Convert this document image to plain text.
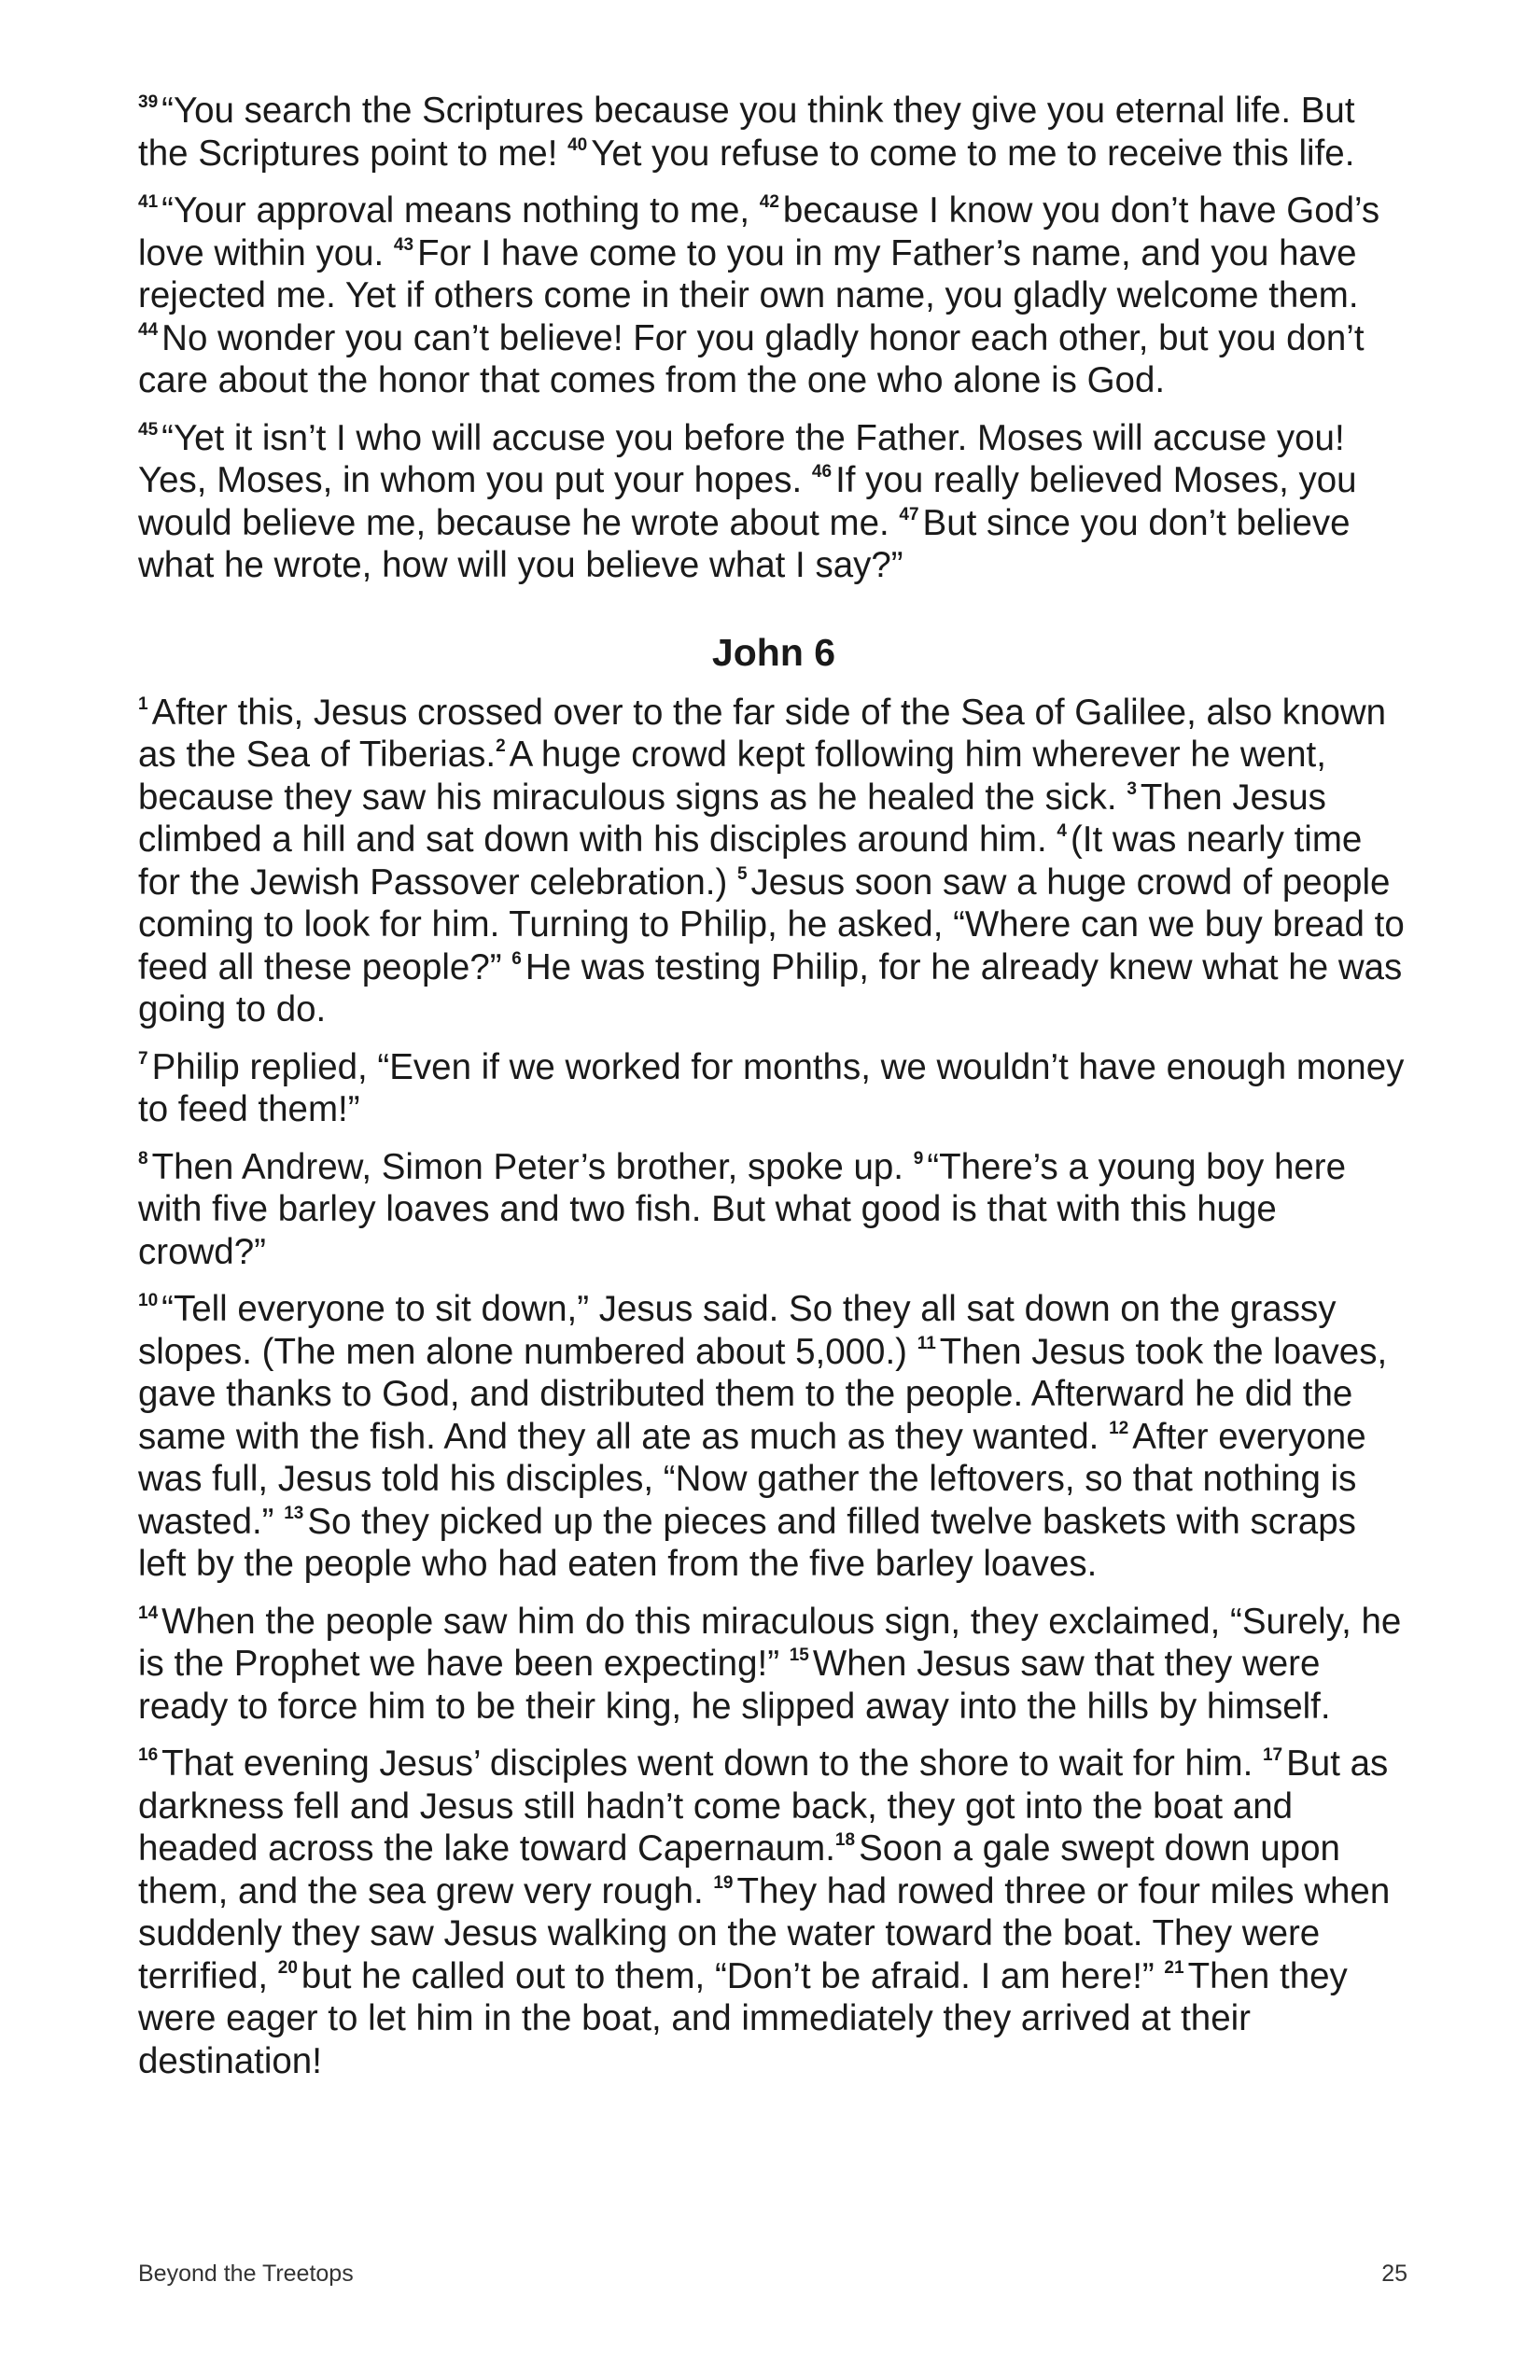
$^{39}$ “You search the Scriptures because you think they give you eternal life. But the Scriptures point to me! $^{40}$ Yet you refuse to come to me to receive this life.

$^{41}$ “Your approval means nothing to me, $^{42}$ because I know you don’t have God’s love within you. $^{43}$ For I have come to you in my Father’s name, and you have rejected me. Yet if others come in their own name, you gladly welcome them. $^{44}$ No wonder you can’t believe! For you gladly honor each other, but you don’t care about the honor that comes from the one who alone is God.

$^{45}$ “Yet it isn’t I who will accuse you before the Father. Moses will accuse you! Yes, Moses, in whom you put your hopes. $^{46}$ If you really believed Moses, you would believe me, because he wrote about me. $^{47}$ But since you don’t believe what he wrote, how will you believe what I say?”

John 6

$^1$ After this, Jesus crossed over to the far side of the Sea of Galilee, also known as the Sea of Tiberias.$^2$ A huge crowd kept following him wherever he went, because they saw his miraculous signs as he healed the sick. $^3$ Then Jesus climbed a hill and sat down with his disciples around him. $^4$ (It was nearly time for the Jewish Passover celebration.) $^5$ Jesus soon saw a huge crowd of people coming to look for him. Turning to Philip, he asked, “Where can we buy bread to feed all these people?” $^6$ He was testing Philip, for he already knew what he was going to do.

$^7$ Philip replied, “Even if we worked for months, we wouldn’t have enough money to feed them!”

$^8$ Then Andrew, Simon Peter’s brother, spoke up. $^9$ “There’s a young boy here with five barley loaves and two fish. But what good is that with this huge crowd?”

$^{10}$ “Tell everyone to sit down,” Jesus said. So they all sat down on the grassy slopes. (The men alone numbered about 5,000.) $^{11}$ Then Jesus took the loaves, gave thanks to God, and distributed them to the people. Afterward he did the same with the fish. And they all ate as much as they wanted. $^{12}$ After everyone was full, Jesus told his disciples, “Now gather the leftovers, so that nothing is wasted.” $^{13}$ So they picked up the pieces and filled twelve baskets with scraps left by the people who had eaten from the five barley loaves.

$^{14}$ When the people saw him do this miraculous sign, they exclaimed, “Surely, he is the Prophet we have been expecting!” $^{15}$ When Jesus saw that they were ready to force him to be their king, he slipped away into the hills by himself.

$^{16}$ That evening Jesus’ disciples went down to the shore to wait for him. $^{17}$ But as darkness fell and Jesus still hadn’t come back, they got into the boat and headed across the lake toward Capernaum.$^{18}$ Soon a gale swept down upon them, and the sea grew very rough. $^{19}$ They had rowed three or four miles when suddenly they saw Jesus walking on the water toward the boat. They were terrified, $^{20}$ but he called out to them, “Don’t be afraid. I am here!” $^{21}$ Then they were eager to let him in the boat, and immediately they arrived at their destination!

Beyond the Treetops	25
